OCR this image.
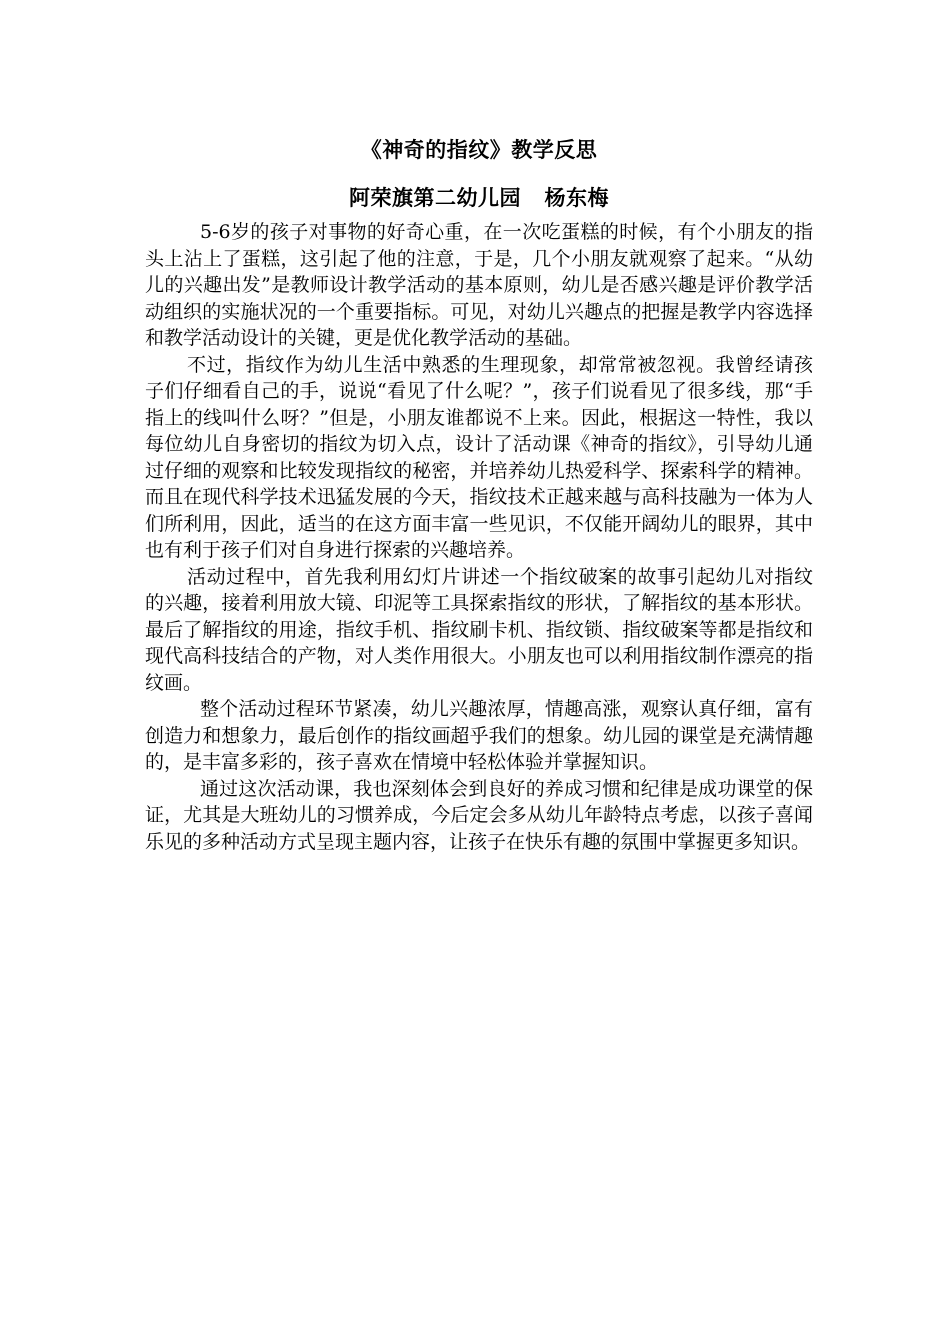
《神奇的指纹》教学反思
阿荣旗第二幼儿园   杨东梅

5-6岁的孩子对事物的好奇心重，在一次吃蛋糕的时候，有个小朋友的指头上沾上了蛋糕，这引起了他的注意，于是，几个小朋友就观察了起来。“从幼儿的兴趣出发”是教师设计教学活动的基本原则，幼儿是否感兴趣是评价教学活动组织的实施状况的一个重要指标。可见，对幼儿兴趣点的把握是教学内容选择和教学活动设计的关键，更是优化教学活动的基础。

不过，指纹作为幼儿生活中熟悉的生理现象，却常常被忽视。我曾经请孩子们仔细看自己的手，说说“看见了什么呢？”，孩子们说看见了很多线，那“手指上的线叫什么呀？”但是，小朋友谁都说不上来。因此，根据这一特性，我以每位幼儿自身密切的指纹为切入点，设计了活动课《神奇的指纹》，引导幼儿通过仔细的观察和比较发现指纹的秘密，并培养幼儿热爱科学、探索科学的精神。而且在现代科学技术迅猛发展的今天，指纹技术正越来越与高科技融为一体为人们所利用，因此，适当的在这方面丰富一些见识，不仅能开阔幼儿的眼界，其中也有利于孩子们对自身进行探索的兴趣培养。

活动过程中，首先我利用幻灯片讲述一个指纹破案的故事引起幼儿对指纹的兴趣，接着利用放大镜、印泥等工具探索指纹的形状，了解指纹的基本形状。最后了解指纹的用途，指纹手机、指纹刷卡机、指纹锁、指纹破案等都是指纹和现代高科技结合的产物，对人类作用很大。小朋友也可以利用指纹制作漂亮的指纹画。

整个活动过程环节紧凑，幼儿兴趣浓厚，情趣高涨，观察认真仔细，富有创造力和想象力，最后创作的指纹画超乎我们的想象。幼儿园的课堂是充满情趣的，是丰富多彩的，孩子喜欢在情境中轻松体验并掌握知识。

通过这次活动课，我也深刻体会到良好的养成习惯和纪律是成功课堂的保证，尤其是大班幼儿的习惯养成，今后定会多从幼儿年龄特点考虑，以孩子喜闻乐见的多种活动方式呈现主题内容，让孩子在快乐有趣的氛围中掌握更多知识。
